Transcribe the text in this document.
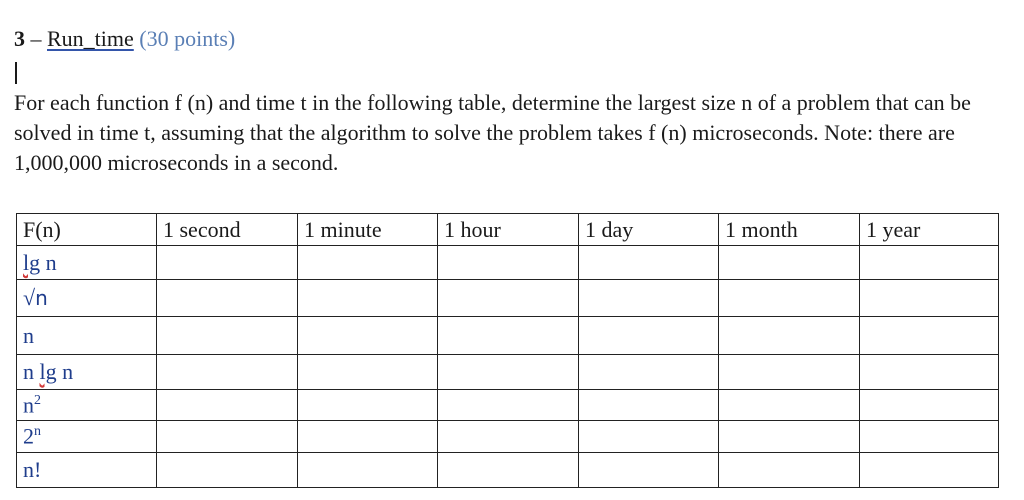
3 – Run_time (30 points)
For each function f (n) and time t in the following table, determine the largest size n of a problem that can be solved in time t, assuming that the algorithm to solve the problem takes f (n) microseconds. Note: there are 1,000,000 microseconds in a second.
F(n)	1 second	1 minute	1 hour	1 day	1 month	1 year
lg n						
√n						
n						
n lg n						
$n^2$						
2$^n$						
n!						
